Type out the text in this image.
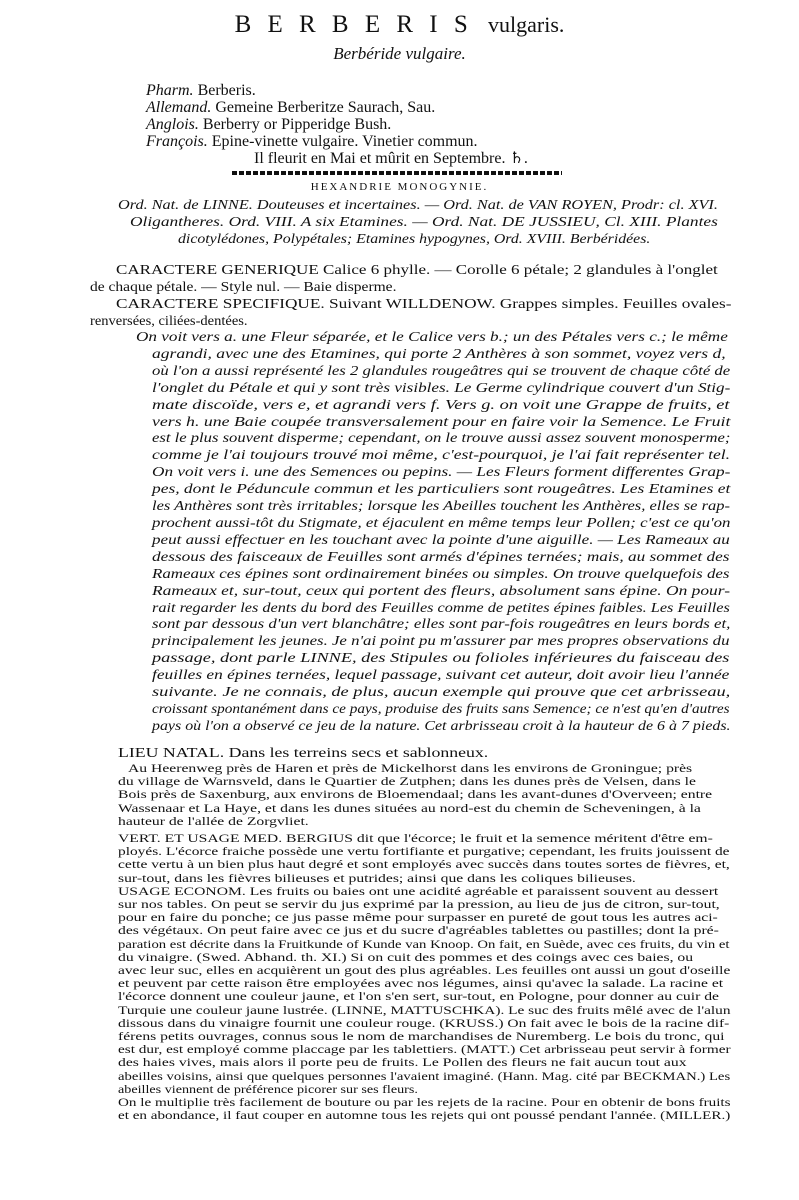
B E R B E R I S vulgaris.
Berbéride vulgaire.
Pharm. Berberis.
Allemand. Gemeine Berberitze Saurach, Sau.
Anglois. Berberry or Pipperidge Bush.
François. Epine-vinette vulgaire. Vinetier commun.
Il fleurit en Mai et mûrit en Septembre. ♄.
HEXANDRIE MONOGYNIE.
Ord. Nat. de LINNE. Douteuses et incertaines. — Ord. Nat. de VAN ROYEN, Prodr: cl. XVI.
Oligantheres. Ord. VIII. A six Etamines. — Ord. Nat. DE JUSSIEU, Cl. XIII. Plantes
dicotylédones, Polypétales; Etamines hypogynes, Ord. XVIII. Berbéridées.
CARACTERE GENERIQUE Calice 6 phylle. — Corolle 6 pétale; 2 glandules à l'onglet
de chaque pétale. — Style nul. — Baie disperme.
CARACTERE SPECIFIQUE. Suivant WILLDENOW. Grappes simples. Feuilles ovales-
renversées, ciliées-dentées.
On voit vers a. une Fleur séparée, et le Calice vers b.; un des Pétales vers c.; le même
agrandi, avec une des Etamines, qui porte 2 Anthères à son sommet, voyez vers d,
où l'on a aussi représenté les 2 glandules rougeâtres qui se trouvent de chaque côté de
l'onglet du Pétale et qui y sont très visibles. Le Germe cylindrique couvert d'un Stig-
mate discoïde, vers e, et agrandi vers f. Vers g. on voit une Grappe de fruits, et
vers h. une Baie coupée transversalement pour en faire voir la Semence. Le Fruit
est le plus souvent disperme; cependant, on le trouve aussi assez souvent monosperme;
comme je l'ai toujours trouvé moi même, c'est-pourquoi, je l'ai fait représenter tel.
On voit vers i. une des Semences ou pepins. — Les Fleurs forment differentes Grap-
pes, dont le Péduncule commun et les particuliers sont rougeâtres. Les Etamines et
les Anthères sont très irritables; lorsque les Abeilles touchent les Anthères, elles se rap-
prochent aussi-tôt du Stigmate, et éjaculent en même temps leur Pollen; c'est ce qu'on
peut aussi effectuer en les touchant avec la pointe d'une aiguille. — Les Rameaux au
dessous des faisceaux de Feuilles sont armés d'épines ternées; mais, au sommet des
Rameaux ces épines sont ordinairement binées ou simples. On trouve quelquefois des
Rameaux et, sur-tout, ceux qui portent des fleurs, absolument sans épine. On pour-
rait regarder les dents du bord des Feuilles comme de petites épines faibles. Les Feuilles
sont par dessous d'un vert blanchâtre; elles sont par-fois rougeâtres en leurs bords et,
principalement les jeunes. Je n'ai point pu m'assurer par mes propres observations du
passage, dont parle LINNE, des Stipules ou folioles inférieures du faisceau des
feuilles en épines ternées, lequel passage, suivant cet auteur, doit avoir lieu l'année
suivante. Je ne connais, de plus, aucun exemple qui prouve que cet arbrisseau,
croissant spontanément dans ce pays, produise des fruits sans Semence; ce n'est qu'en d'autres
pays où l'on a observé ce jeu de la nature. Cet arbrisseau croit à la hauteur de 6 à 7 pieds.
LIEU NATAL. Dans les terreins secs et sablonneux.
Au Heerenweg près de Haren et près de Mickelhorst dans les environs de Groningue; près
du village de Warnsveld, dans le Quartier de Zutphen; dans les dunes près de Velsen, dans le
Bois près de Saxenburg, aux environs de Bloemendaal; dans les avant-dunes d'Overveen; entre
Wassenaar et La Haye, et dans les dunes situées au nord-est du chemin de Scheveningen, à la
hauteur de l'allée de Zorgvliet.
VERT. ET USAGE MED. BERGIUS dit que l'écorce; le fruit et la semence méritent d'être em-
ployés. L'écorce fraiche possède une vertu fortifiante et purgative; cependant, les fruits jouissent de
cette vertu à un bien plus haut degré et sont employés avec succès dans toutes sortes de fièvres, et,
sur-tout, dans les fièvres bilieuses et putrides; ainsi que dans les coliques bilieuses.
USAGE ECONOM. Les fruits ou baies ont une acidité agréable et paraissent souvent au dessert
sur nos tables. On peut se servir du jus exprimé par la pression, au lieu de jus de citron, sur-tout,
pour en faire du ponche; ce jus passe même pour surpasser en pureté de gout tous les autres aci-
des végétaux. On peut faire avec ce jus et du sucre d'agréables tablettes ou pastilles; dont la pré-
paration est décrite dans la Fruitkunde of Kunde van Knoop. On fait, en Suède, avec ces fruits, du vin et
du vinaigre. (Swed. Abhand. th. XI.) Si on cuit des pommes et des coings avec ces baies, ou
avec leur suc, elles en acquièrent un gout des plus agréables. Les feuilles ont aussi un gout d'oseille
et peuvent par cette raison être employées avec nos légumes, ainsi qu'avec la salade. La racine et
l'écorce donnent une couleur jaune, et l'on s'en sert, sur-tout, en Pologne, pour donner au cuir de
Turquie une couleur jaune lustrée. (LINNE, MATTUSCHKA). Le suc des fruits mêlé avec de l'alun
dissous dans du vinaigre fournit une couleur rouge. (KRUSS.) On fait avec le bois de la racine dif-
férens petits ouvrages, connus sous le nom de marchandises de Nuremberg. Le bois du tronc, qui
est dur, est employé comme placcage par les tablettiers. (MATT.) Cet arbrisseau peut servir à former
des haies vives, mais alors il porte peu de fruits. Le Pollen des fleurs ne fait aucun tout aux
abeilles voisins, ainsi que quelques personnes l'avaient imaginé. (Hann. Mag. cité par BECKMAN.) Les
abeilles viennent de préférence picorer sur ses fleurs.
On le multiplie très facilement de bouture ou par les rejets de la racine. Pour en obtenir de bons fruits
et en abondance, il faut couper en automne tous les rejets qui ont poussé pendant l'année. (MILLER.)
